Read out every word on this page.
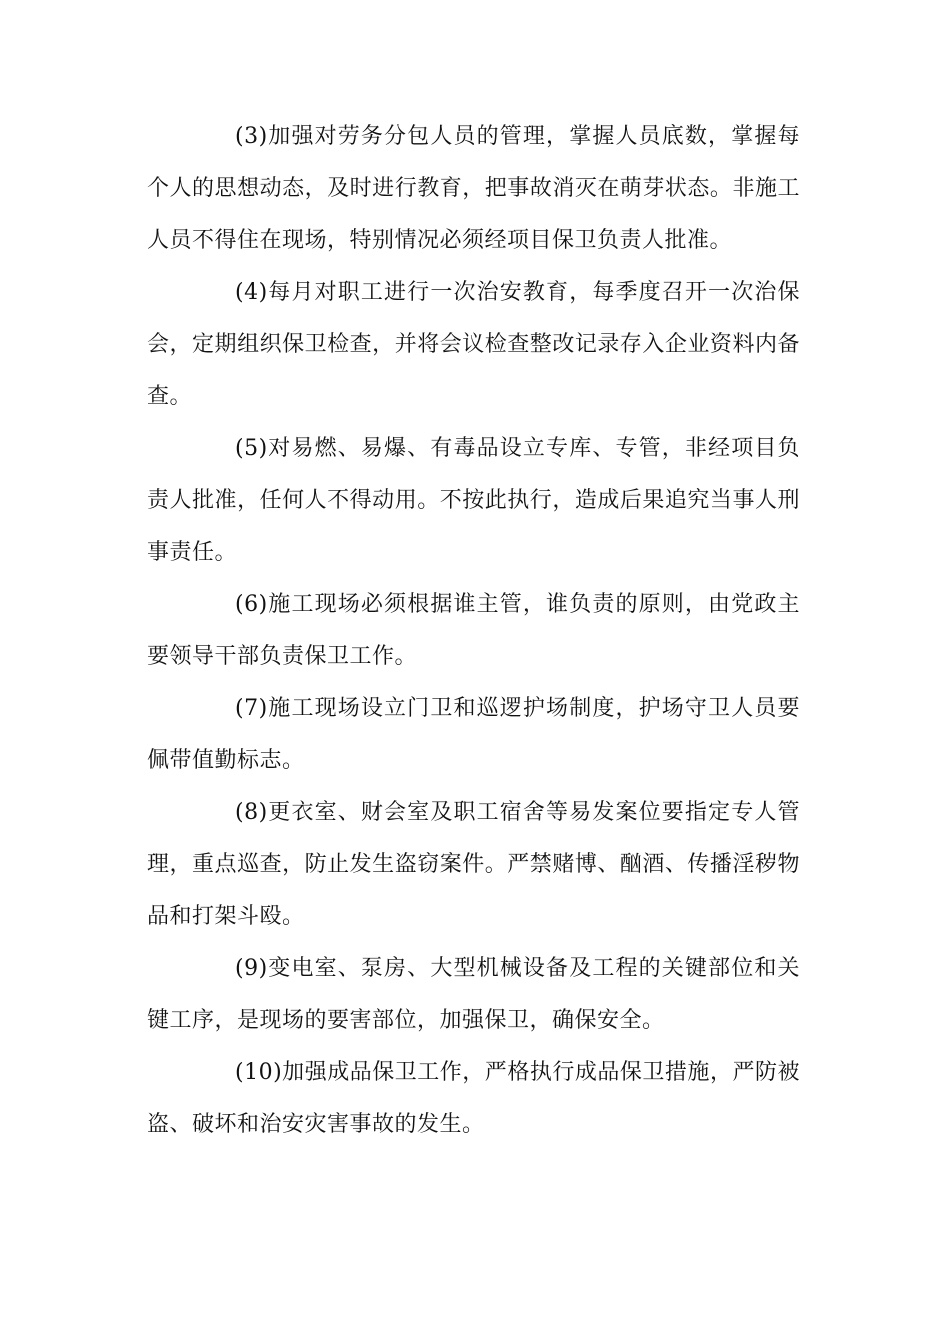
(3)加强对劳务分包人员的管理，掌握人员底数，掌握每个人的思想动态，及时进行教育，把事故消灭在萌芽状态。非施工人员不得住在现场，特别情况必须经项目保卫负责人批准。

(4)每月对职工进行一次治安教育，每季度召开一次治保会，定期组织保卫检查，并将会议检查整改记录存入企业资料内备查。

(5)对易燃、易爆、有毒品设立专库、专管，非经项目负责人批准，任何人不得动用。不按此执行，造成后果追究当事人刑事责任。

(6)施工现场必须根据谁主管，谁负责的原则，由党政主要领导干部负责保卫工作。

(7)施工现场设立门卫和巡逻护场制度，护场守卫人员要佩带值勤标志。

(8)更衣室、财会室及职工宿舍等易发案位要指定专人管理，重点巡查，防止发生盗窃案件。严禁赌博、酗酒、传播淫秽物品和打架斗殴。

(9)变电室、泵房、大型机械设备及工程的关键部位和关键工序，是现场的要害部位，加强保卫，确保安全。

(10)加强成品保卫工作，严格执行成品保卫措施，严防被盗、破坏和治安灾害事故的发生。
